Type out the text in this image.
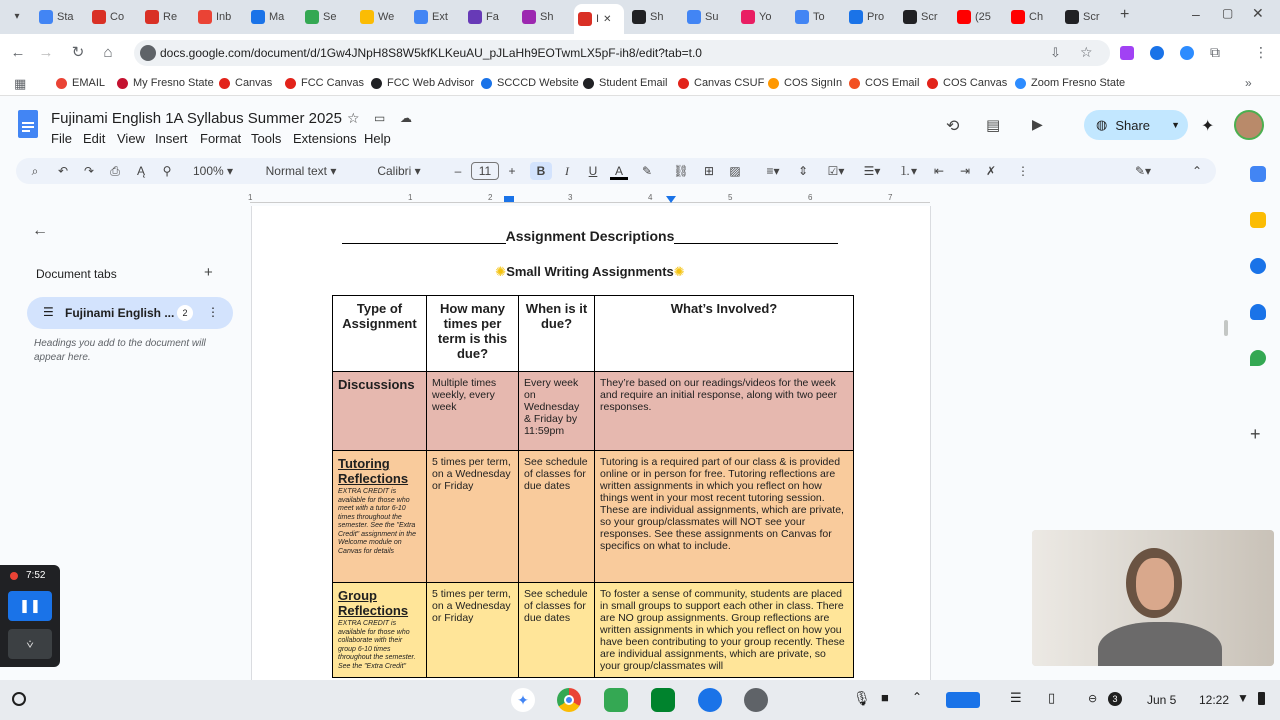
▾	Sta	Co	Re	Inb	Ma	Se	We	Ext	Fa	Sh	I ✕	Sh	Su	Yo	To	Pro	Scr	(25	Ch	Scr +	– ▢ ✕
← → ↻	⌂	docs.google.com/document/d/1Gw4JNpH8S8W5kfKLKeuAU_pJLaHh9EOTwmLX5pF-ih8/edit?tab=t.0	⇩ ☆	⧉ ⋮
▦	EMAIL	My Fresno State Canvas	FCC Canvas FCC Web Advisor SCCCD Website Student Email Canvas CSUF COS SignIn COS Email COS Canvas Zoom Fresno State	»
Fujinami English 1A Syllabus Summer 2025 ☆ ▭ ☁
File Edit View Insert Format Tools Extensions Help
⟲ ▤ ▶	◍ Share ▼ ✦
⌕	↶	↷	⎙	Ą	⚲	100% ▾	Normal text ▾	Calibri ▾	–	11	+	B	I	U	A	✎	⛓	⊞	▨	≡▾	⇕	☑▾	☰▾	⒈▾	⇤	⇥	✗	⋮	✎▾	⌃
1	1	2	3	4	5	6	7
←
Document tabs	+
☰ Fujinami English ... 2	⋮
Headings you add to the document will appear here.
Assignment Descriptions
✺Small Writing Assignments✺
Type of Assignment	How many times per term is this due?	When is it due?	What’s Involved?

Discussions	Multiple times weekly, every week	Every week on Wednesday & Friday by 11:59pm	They’re based on our readings/videos for the week and require an initial response, along with two peer responses.

Tutoring Reflections
EXTRA CREDIT is available for those who meet with a tutor 6-10 times throughout the semester. See the "Extra Credit" assignment in the Welcome module on Canvas for details	5 times per term, on a Wednesday or Friday	See schedule of classes for due dates	Tutoring is a required part of our class & is provided online or in person for free. Tutoring reflections are written assignments in which you reflect on how things went in your most recent tutoring session. These are individual assignments, which are private, so your group/classmates will NOT see your responses. See these assignments on Canvas for specifics on what to include.

Group Reflections
EXTRA CREDIT is available for those who collaborate with their group 6-10 times throughout the semester. See the "Extra Credit"	5 times per term, on a Wednesday or Friday	See schedule of classes for due dates	To foster a sense of community, students are placed in small groups to support each other in class. There are NO group assignments. Group reflections are written assignments in which you reflect on how you have been contributing to your group recently. These are individual assignments, which are private, so your group/classmates will
+
7:52
❚❚
⩒
✦	🎙 ■ ⌃	☰ ▯	⊖	3	Jun 5 12:22 ▼
